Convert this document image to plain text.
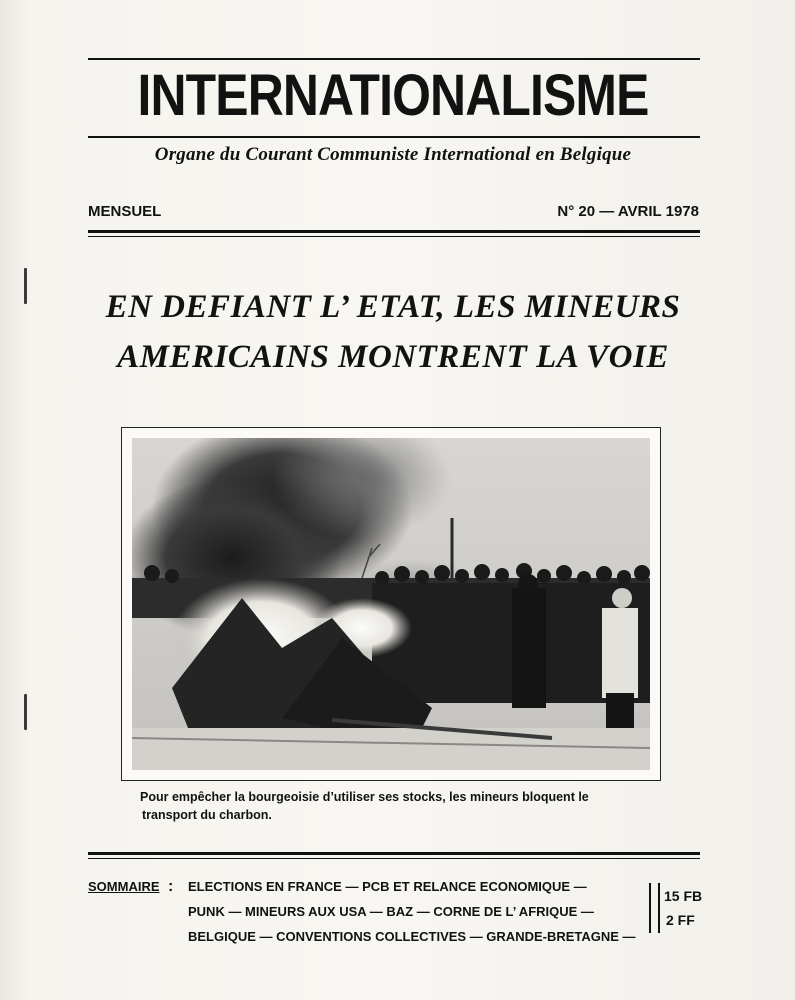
INTERNATIONALISME
Organe du Courant Communiste International en Belgique
MENSUEL	N° 20 — AVRIL 1978
EN DEFIANT L’ ETAT, LES MINEURS
AMERICAINS MONTRENT LA VOIE
Pour empêcher la bourgeoisie d’utiliser ses stocks, les mineurs bloquent le
transport du charbon.
SOMMAIRE : ELECTIONS EN FRANCE — PCB ET RELANCE ECONOMIQUE —
PUNK — MINEURS AUX USA — BAZ — CORNE DE L’ AFRIQUE —
BELGIQUE — CONVENTIONS COLLECTIVES — GRANDE-BRETAGNE —
15 FB
2 FF
